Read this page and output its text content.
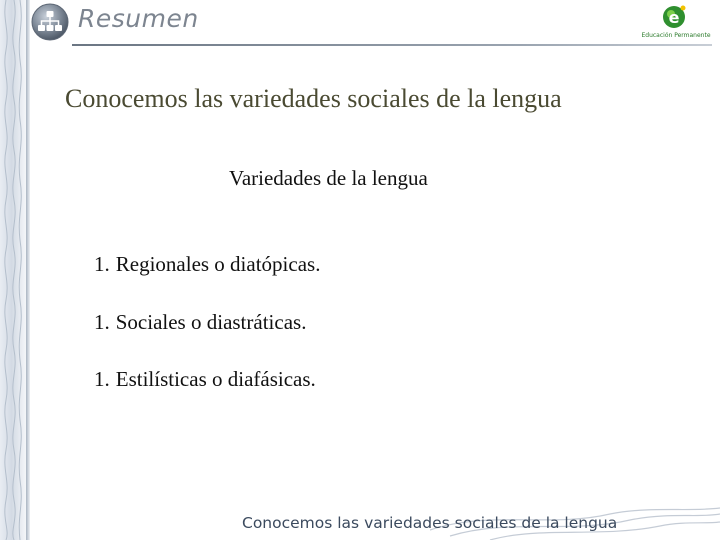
Resumen	e
Educación Permanente
Conocemos las variedades sociales de la lengua
Variedades de la lengua
1. Regionales o diatópicas.
1. Sociales o diastráticas.
1. Estilísticas o diafásicas.
Conocemos las variedades sociales de la lengua
